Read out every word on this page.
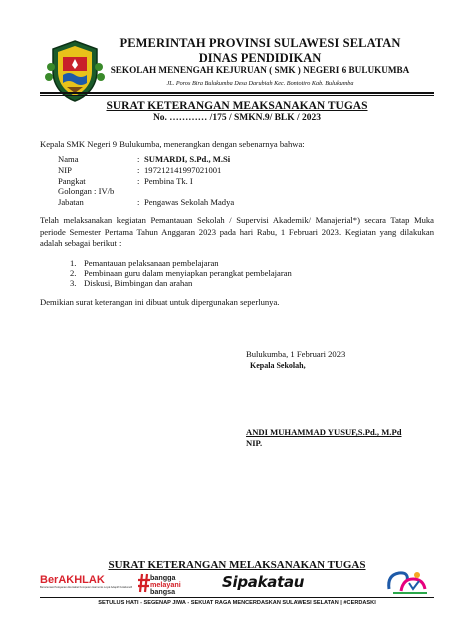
PEMERINTAH PROVINSI SULAWESI SELATAN
DINAS PENDIDIKAN
SEKOLAH MENENGAH KEJURUAN ( SMK ) NEGERI 6 BULUKUMBA
JL. Poros Bira Bulukumba Desa Darubiah Kec. Bontotiro Kab. Bulukumba
SURAT KETERANGAN MEAKSANAKAN TUGAS
No. ………… /175 / SMKN.9/ BLK / 2023
Kepala SMK Negeri 9 Bulukumba, menerangkan dengan sebenarnya bahwa:
Nama	: SUMARDI, S.Pd., M.Si
NIP	: 197212141997021001
Pangkat	: Pembina Tk. I
Golongan : IV/b
Jabatan	: Pengawas Sekolah Madya
Telah melaksanakan kegiatan Pemantauan Sekolah / Supervisi Akademik/ Manajerial*) secara Tatap Muka periode Semester Pertama Tahun Anggaran 2023 pada hari Rabu, 1 Februari 2023. Kegiatan yang dilakukan adalah sebagai berikut :
1. Pemantauan pelaksanaan pembelajaran
2. Pembinaan guru dalam menyiapkan perangkat pembelajaran
3. Diskusi, Bimbingan dan arahan
Demikian surat keterangan ini dibuat untuk dipergunakan seperlunya.
Bulukumba, 1 Februari 2023
Kepala Sekolah,
ANDI MUHAMMAD YUSUF,S.Pd., M.Pd
NIP.
SURAT KETERANGAN MELAKSANAKAN TUGAS
BerAKHLAK
Berorientasi Pelayanan Akuntabel Kompeten Harmonis Loyal Adaptif Kolaboratif
bangga
melayani
bangsa
Sipakatau
SETULUS HATI - SEGENAP JIWA - SEKUAT RAGA MENCERDASKAN SULAWESI SELATAN | #CERDASKI
